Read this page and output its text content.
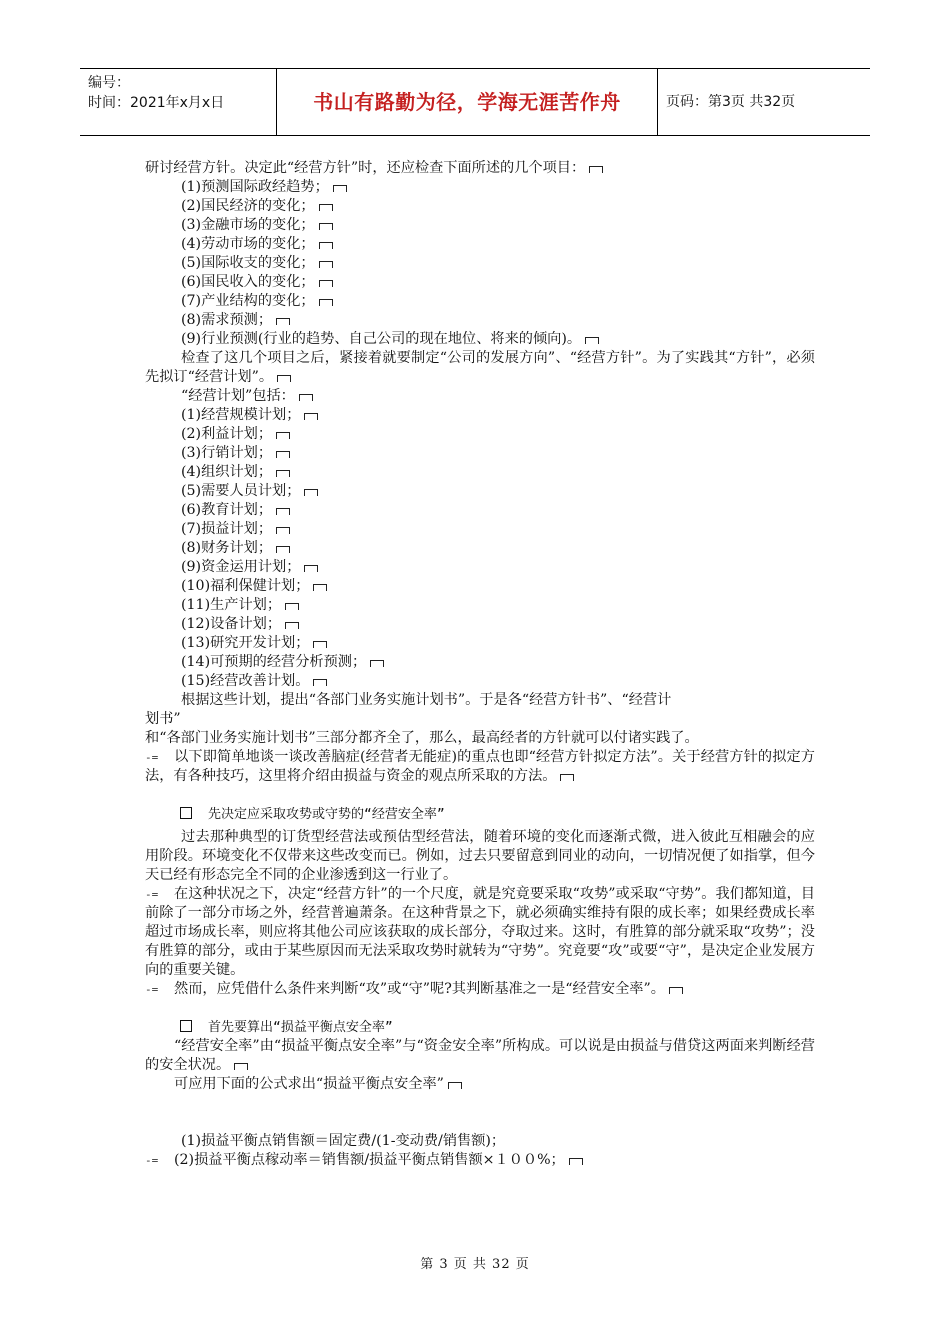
编号：
时间：2021年x月x日	书山有路勤为径，学海无涯苦作舟	页码：第3页 共32页

研讨经营方针。决定此“经营方针”时，还应检查下面所述的几个项目：

(1)预测国际政经趋势；

(2)国民经济的变化；

(3)金融市场的变化；

(4)劳动市场的变化；

(5)国际收支的变化；

(6)国民收入的变化；

(7)产业结构的变化；

(8)需求预测；

(9)行业预测(行业的趋势、自己公司的现在地位、将来的倾向)。

检查了这几个项目之后，紧接着就要制定“公司的发展方向”、“经营方针”。为了实践其“方针”，必须先拟订“经营计划”。

“经营计划”包括：

(1)经营规模计划；

(2)利益计划；

(3)行销计划；

(4)组织计划；

(5)需要人员计划；

(6)教育计划；

(7)损益计划；

(8)财务计划；

(9)资金运用计划；

(10)福利保健计划；

(11)生产计划；

(12)设备计划；

(13)研究开发计划；

(14)可预期的经营分析预测；

(15)经营改善计划。

根据这些计划，提出“各部门业务实施计划书”。于是各“经营方针书”、“经营计

划书”

和“各部门业务实施计划书”三部分都齐全了，那么，最高经者的方针就可以付诸实践了。

-= 以下即简单地谈一谈改善脑症(经营者无能症)的重点也即“经营方针拟定方法”。关于经营方针的拟定方法，有各种技巧，这里将介绍由损益与资金的观点所采取的方法。

先决定应采取攻势或守势的“经营安全率”

过去那种典型的订货型经营法或预估型经营法，随着环境的变化而逐渐式微，进入彼此互相融会的应用阶段。环境变化不仅带来这些改变而已。例如，过去只要留意到同业的动向，一切情况便了如指掌，但今天已经有形态完全不同的企业渗透到这一行业了。

-= 在这种状况之下，决定“经营方针”的一个尺度，就是究竟要采取“攻势”或采取“守势”。我们都知道，目前除了一部分市场之外，经营普遍萧条。在这种背景之下，就必须确实维持有限的成长率；如果经费成长率超过市场成长率，则应将其他公司应该获取的成长部分，夺取过来。这时，有胜算的部分就采取“攻势”；没有胜算的部分，或由于某些原因而无法采取攻势时就转为“守势”。究竟要“攻”或要“守”，是决定企业发展方向的重要关键。

-= 然而，应凭借什么条件来判断“攻”或“守”呢?其判断基准之一是“经营安全率”。

首先要算出“损益平衡点安全率”

“经营安全率”由“损益平衡点安全率”与“资金安全率”所构成。可以说是由损益与借贷这两面来判断经营的安全状况。

可应用下面的公式求出“损益平衡点安全率”

(1)损益平衡点销售额＝固定费/(1-变动费/销售额)；

-= (2)损益平衡点稼动率＝销售额/损益平衡点销售额×１００%；

第 3 页 共 32 页
